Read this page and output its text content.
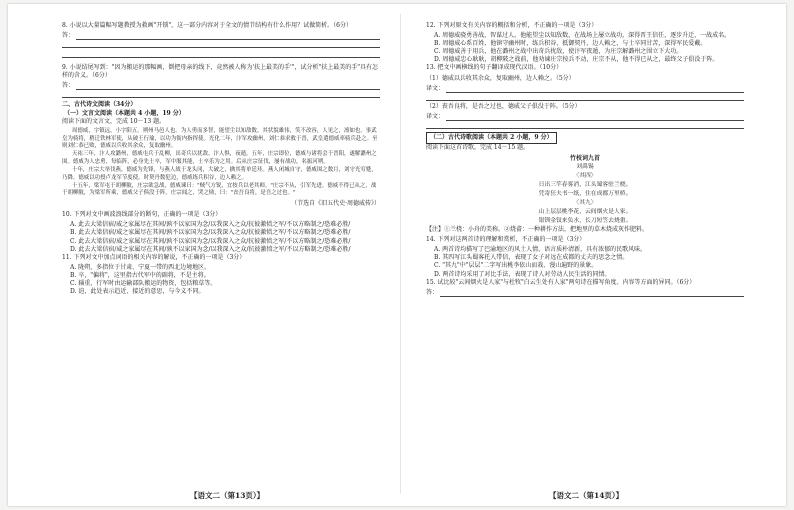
8. 小说以大量篇幅写题教授为救画"开锁"，这一部分内容对于全文的情节结构有什么作用？试做简析。（6分）
答：
9. 小说结尾写到："因为搬运的那幅画，倒把母亲的线下，竟然被人称为'扶上最美的手'"，试分析"扶上最美的手"具有怎样的含义。（6分）
答：
二、古代诗文阅读（34分）
（一）文言文阅读（本题共 4 小题，19 分）
阅读下面的文言文，完成 10－13 题。

周德威，字镇远，小字阳五。朔州马邑人也。为人勇而多智，能望尘以知敌数。其状貌雄伟，笑不改容，人见之，凛如也。事武皇为骑将，稍迁铁林军使，从破王行瑜，以功为衙内指挥使。光化二年，汴军攻幽州，刘仁恭求救于晋，武皇遣德威率骑兵赴之。至则刘仁恭已败，德威以兵收其余众，复取幽州。

天祐三年，汴人攻潞州，德威屯兵于乱柳，出奇兵以扰敌。汴人惧，夜遁。五年，庄宗即位，德威与诸将会于晋阳，遂解潞州之围。德威为人忠勇，每临阵，必身先士卒，军中服其能，士卒乐为之用。后从庄宗征伐，屡有战功，名振河朔。

十年，庄宗大举伐燕，德威为先锋，与燕人战于龙头冈，大破之，擒其将单廷珪。燕人闭城自守，德威围之数月，刘守光穷蹙，乃降。德威以功授卢龙军节度使。时契丹数犯边，德威练兵积谷，边人赖之。

十五年，梁军屯于胡柳陂，庄宗欲急战，德威谏曰："贼气方锐，宜按兵以老其师。"庄宗不从，引军先进。德威不得已从之，战于胡柳陂，为梁军所乘，德威父子俱没于阵。庄宗闻之，哭之恸，曰："丧吾良将，是吾之过也。"

（节选自《旧五代史·周德威传》）
10. 下列对文中画波浪线部分的断句，正确的一项是（3分）
A. 此去大梁信宿/威之家属尽在其间/孰不以家国为念/以我深入之众/抗彼激愤之军/不以方略制之/恐难必胜/
B. 此去大梁信宿/威之家属尽在其间/孰不以家国为念/以我深入之众/抗彼激愤之军/不以方略制之/恐难必胜/
C. 此去大梁信宿/威之家属尽在其间/孰不以家国为念/以我深入之众/抗彼激愤之军/不以方略制之/恐难必胜/
D. 此去大梁信宿/威之家属尽在其间/孰不以家国为念/以我深入之众/抗彼激愤之军/不以方略制之/恐难必胜/
11. 下列对文中加点词语的相关内容的解说，不正确的一项是（3分）
A. 陇朔，多指位于甘肃、宁夏一带的西北边境地区。
B. 卒，"偏将"，这里指古代军中的副将，不是主将。
C. 辎重，行军时由运输部队搬运的物资，包括粮草等。
D. 迫，此处表示趋近、接近的意思，与今义不同。
【语文二（第13页）】
12. 下列对原文有关内容的概括和分析，不正确的一项是（3分）
A. 周德威骁勇善战，智谋过人。他能望尘以知敌数，在战场上屡立战功，深得晋王信任，逐步升迁，一战成名。
B. 周德威心系百姓，他镇守幽州时，练兵积谷，抵御契丹，边人赖之，与士卒同甘苦，深得军民爱戴。
C. 周德威善于用兵，他在潞州之战中出奇兵扰敌，使汴军夜遁，为庄宗解潞州之围立下大功。
D. 周德威忠心耿耿，胡柳陂之战前，他劝谏庄宗按兵不动，庄宗不从，他不得已从之，最终父子俱没于阵。
13. 把文中画横线的句子翻译成现代汉语。（10分）
（1）德威以兵收其余众，复取幽州，边人赖之。（5分）
译文：
（2）丧吾良将，是吾之过也，德威父子俱没于阵。（5分）
译文：
（二）古代诗歌阅读（本题共 2 小题，9 分）
阅读下面这首诗歌，完成 14－15 题。
竹枝词九首
刘禹锡
〈其四〉
日出三竿春雾消，江头蜀客驻兰桡。
凭寄狂夫书一纸，住在成都万里桥。
〈其九〉
山上层层桃李花，云间烟火是人家。
银钏金钗来负水，长刀短笠去烧畬。
【注】①兰桡：小舟的美称。②烧畬：一种耕作方法，把地里的草木烧成灰作肥料。
14. 下列对这两首诗的理解和赏析，不正确的一项是（3分）
A. 两首诗均描写了巴渝地区的风土人情，语言质朴清新，具有浓郁的民歌风味。
B. 其四写江头蜀客托人带信，表现了女子对远在成都的丈夫的思念之情。
C. "其九"中"层层"二字写出桃李依山而栽、漫山遍野的景象。
D. 两首诗均采用了对比手法，表现了诗人对劳动人民生活的同情。
15. 试比较"云间烟火是人家"与杜牧"白云生处有人家"两句诗在描写角度、内容等方面的异同。（6分）
答：
【语文二（第14页）】
